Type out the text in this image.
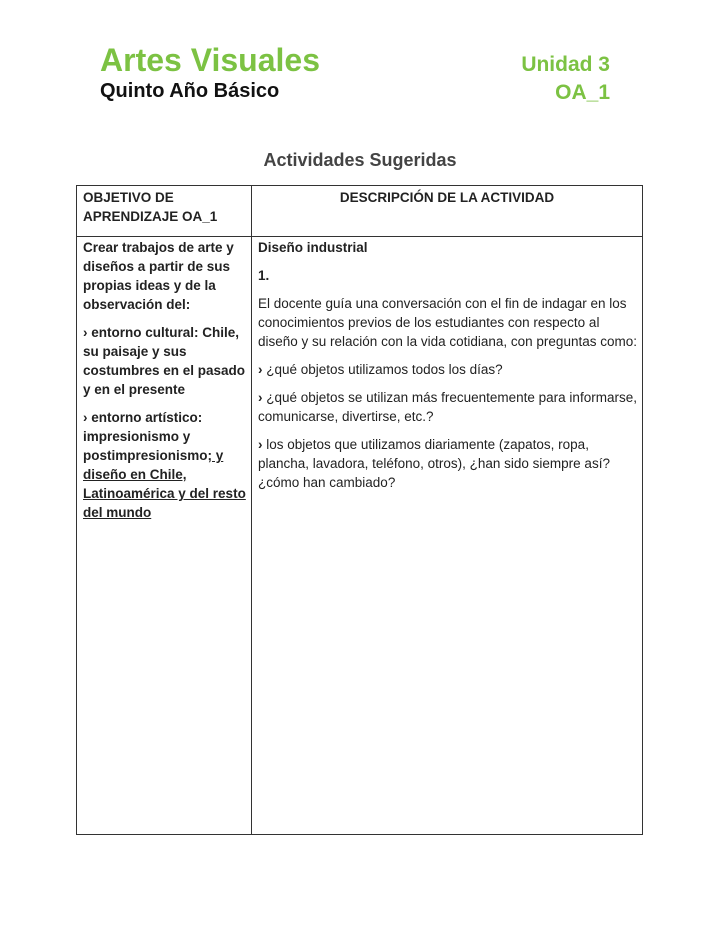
Artes Visuales
Quinto Año Básico
Unidad 3
OA_1
Actividades Sugeridas
OBJETIVO DE APRENDIZAJE OA_1
DESCRIPCIÓN DE LA ACTIVIDAD

Crear trabajos de arte y diseños a partir de sus propias ideas y de la observación del:

› entorno cultural: Chile, su paisaje y sus costumbres en el pasado y en el presente

› entorno artístico: impresionismo y postimpresionismo; y diseño en Chile, Latinoamérica y del resto del mundo

Diseño industrial

1.

El docente guía una conversación con el fin de indagar en los conocimientos previos de los estudiantes con respecto al diseño y su relación con la vida cotidiana, con preguntas como:

› ¿qué objetos utilizamos todos los días?

› ¿qué objetos se utilizan más frecuentemente para informarse, comunicarse, divertirse, etc.?

› los objetos que utilizamos diariamente (zapatos, ropa, plancha, lavadora, teléfono, otros), ¿han sido siempre así? ¿cómo han cambiado?
